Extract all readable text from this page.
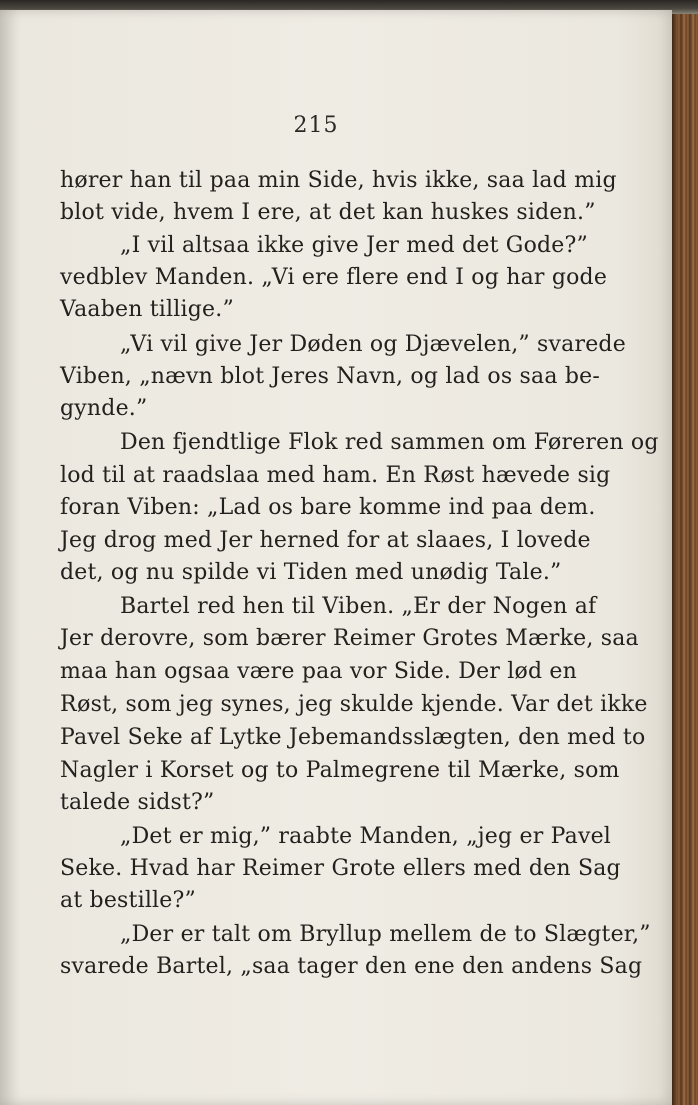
215
hører han til paa min Side, hvis ikke, saa lad mig
blot vide, hvem I ere, at det kan huskes siden.”
„I vil altsaa ikke give Jer med det Gode?”
vedblev Manden. „Vi ere flere end I og har gode
Vaaben tillige.”
„Vi vil give Jer Døden og Djævelen,” svarede
Viben, „nævn blot Jeres Navn, og lad os saa be-
gynde.”
Den fjendtlige Flok red sammen om Føreren og
lod til at raadslaa med ham. En Røst hævede sig
foran Viben: „Lad os bare komme ind paa dem.
Jeg drog med Jer herned for at slaaes, I lovede
det, og nu spilde vi Tiden med unødig Tale.”
Bartel red hen til Viben. „Er der Nogen af
Jer derovre, som bærer Reimer Grotes Mærke, saa
maa han ogsaa være paa vor Side. Der lød en
Røst, som jeg synes, jeg skulde kjende. Var det ikke
Pavel Seke af Lytke Jebemandsslægten, den med to
Nagler i Korset og to Palmegrene til Mærke, som
talede sidst?”
„Det er mig,” raabte Manden, „jeg er Pavel
Seke. Hvad har Reimer Grote ellers med den Sag
at bestille?”
„Der er talt om Bryllup mellem de to Slægter,”
svarede Bartel, „saa tager den ene den andens Sag
